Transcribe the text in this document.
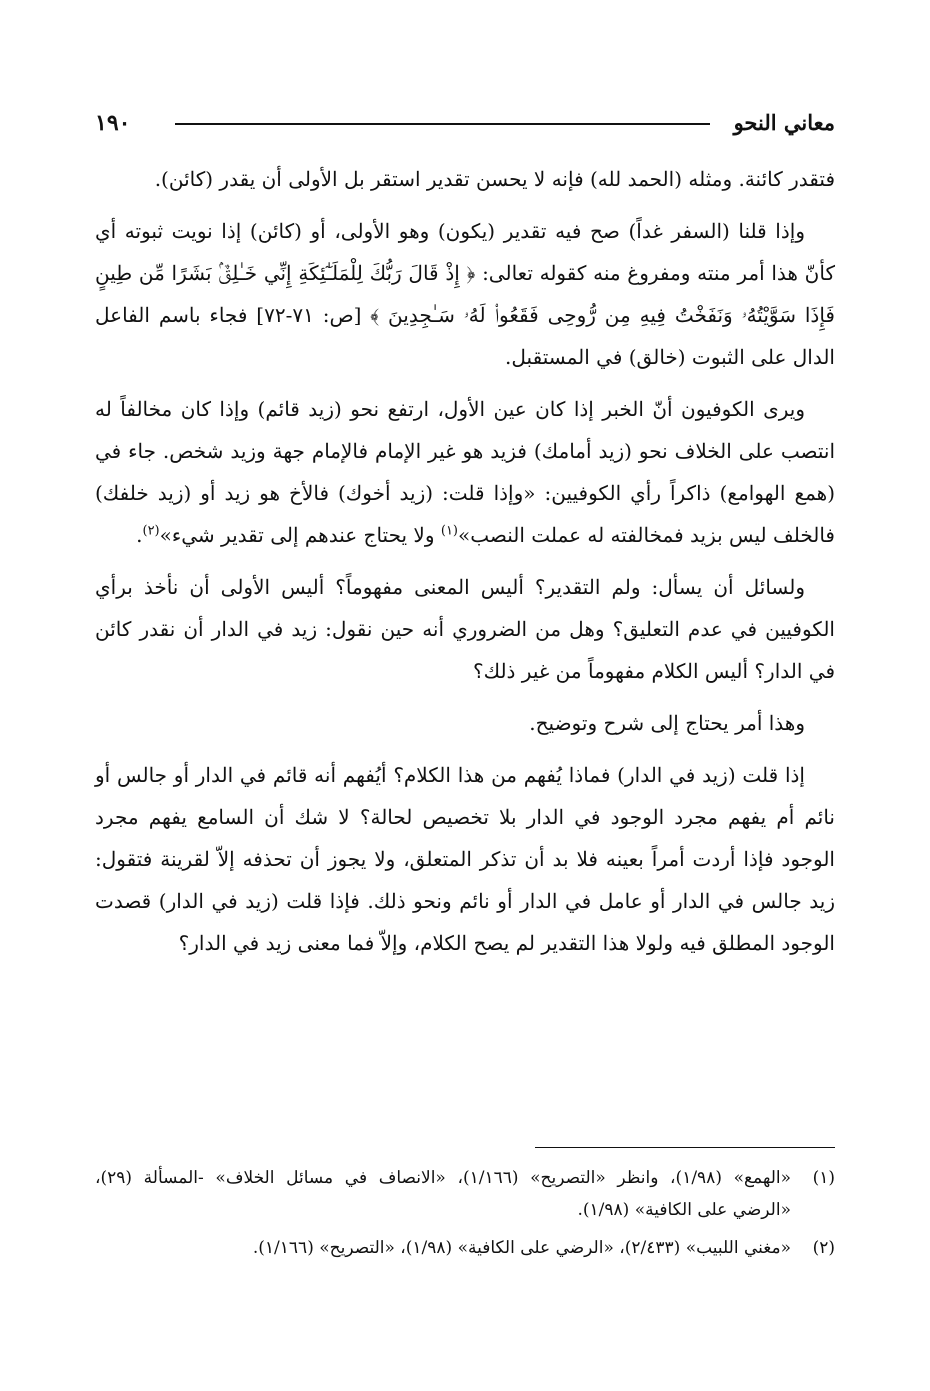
معاني النحو
١٩٠

فتقدر كائنة. ومثله (الحمد لله) فإنه لا يحسن تقدير استقر بل الأولى أن يقدر (كائن).

وإذا قلنا (السفر غداً) صح فيه تقدير (يكون) وهو الأولى، أو (كائن) إذا نويت ثبوته أي كأنّ هذا أمر منته ومفروغ منه كقوله تعالى: ﴿ إِذْ قَالَ رَبُّكَ لِلْمَلَـٰٓئِكَةِ إِنِّي خَـٰلِقٌۢ بَشَرًا مِّن طِينٍ فَإِذَا سَوَّيْتُهُۥ وَنَفَخْتُ فِيهِ مِن رُّوحِى فَقَعُوا۟ لَهُۥ سَـٰجِدِينَ ﴾ [ص: ٧١-٧٢] فجاء باسم الفاعل الدال على الثبوت (خالق) في المستقبل.

ويرى الكوفيون أنّ الخبر إذا كان عين الأول، ارتفع نحو (زيد قائم) وإذا كان مخالفاً له انتصب على الخلاف نحو (زيد أمامك) فزيد هو غير الإمام فالإمام جهة وزيد شخص. جاء في (همع الهوامع) ذاكراً رأي الكوفيين: «وإذا قلت: (زيد أخوك) فالأخ هو زيد أو (زيد خلفك) فالخلف ليس بزيد فمخالفته له عملت النصب»$^{(١)}$ ولا يحتاج عندهم إلى تقدير شيء»$^{(٢)}$.

ولسائل أن يسأل: ولم التقدير؟ أليس المعنى مفهوماً؟ أليس الأولى أن نأخذ برأي الكوفيين في عدم التعليق؟ وهل من الضروري أنه حين نقول: زيد في الدار أن نقدر كائن في الدار؟ أليس الكلام مفهوماً من غير ذلك؟

وهذا أمر يحتاج إلى شرح وتوضيح.

إذا قلت (زيد في الدار) فماذا يُفهم من هذا الكلام؟ أيُفهم أنه قائم في الدار أو جالس أو نائم أم يفهم مجرد الوجود في الدار بلا تخصيص لحالة؟ لا شك أن السامع يفهم مجرد الوجود فإذا أردت أمراً بعينه فلا بد أن تذكر المتعلق، ولا يجوز أن تحذفه إلاّ لقرينة فتقول: زيد جالس في الدار أو عامل في الدار أو نائم ونحو ذلك. فإذا قلت (زيد في الدار) قصدت الوجود المطلق فيه ولولا هذا التقدير لم يصح الكلام، وإلاّ فما معنى زيد في الدار؟

(١)
«الهمع» (١/٩٨)، وانظر «التصريح» (١/١٦٦)، «الانصاف في مسائل الخلاف» -المسألة (٢٩)، «الرضي على الكافية» (١/٩٨).
(٢)
«مغني اللبيب» (٢/٤٣٣)، «الرضي على الكافية» (١/٩٨)، «التصريح» (١/١٦٦).
